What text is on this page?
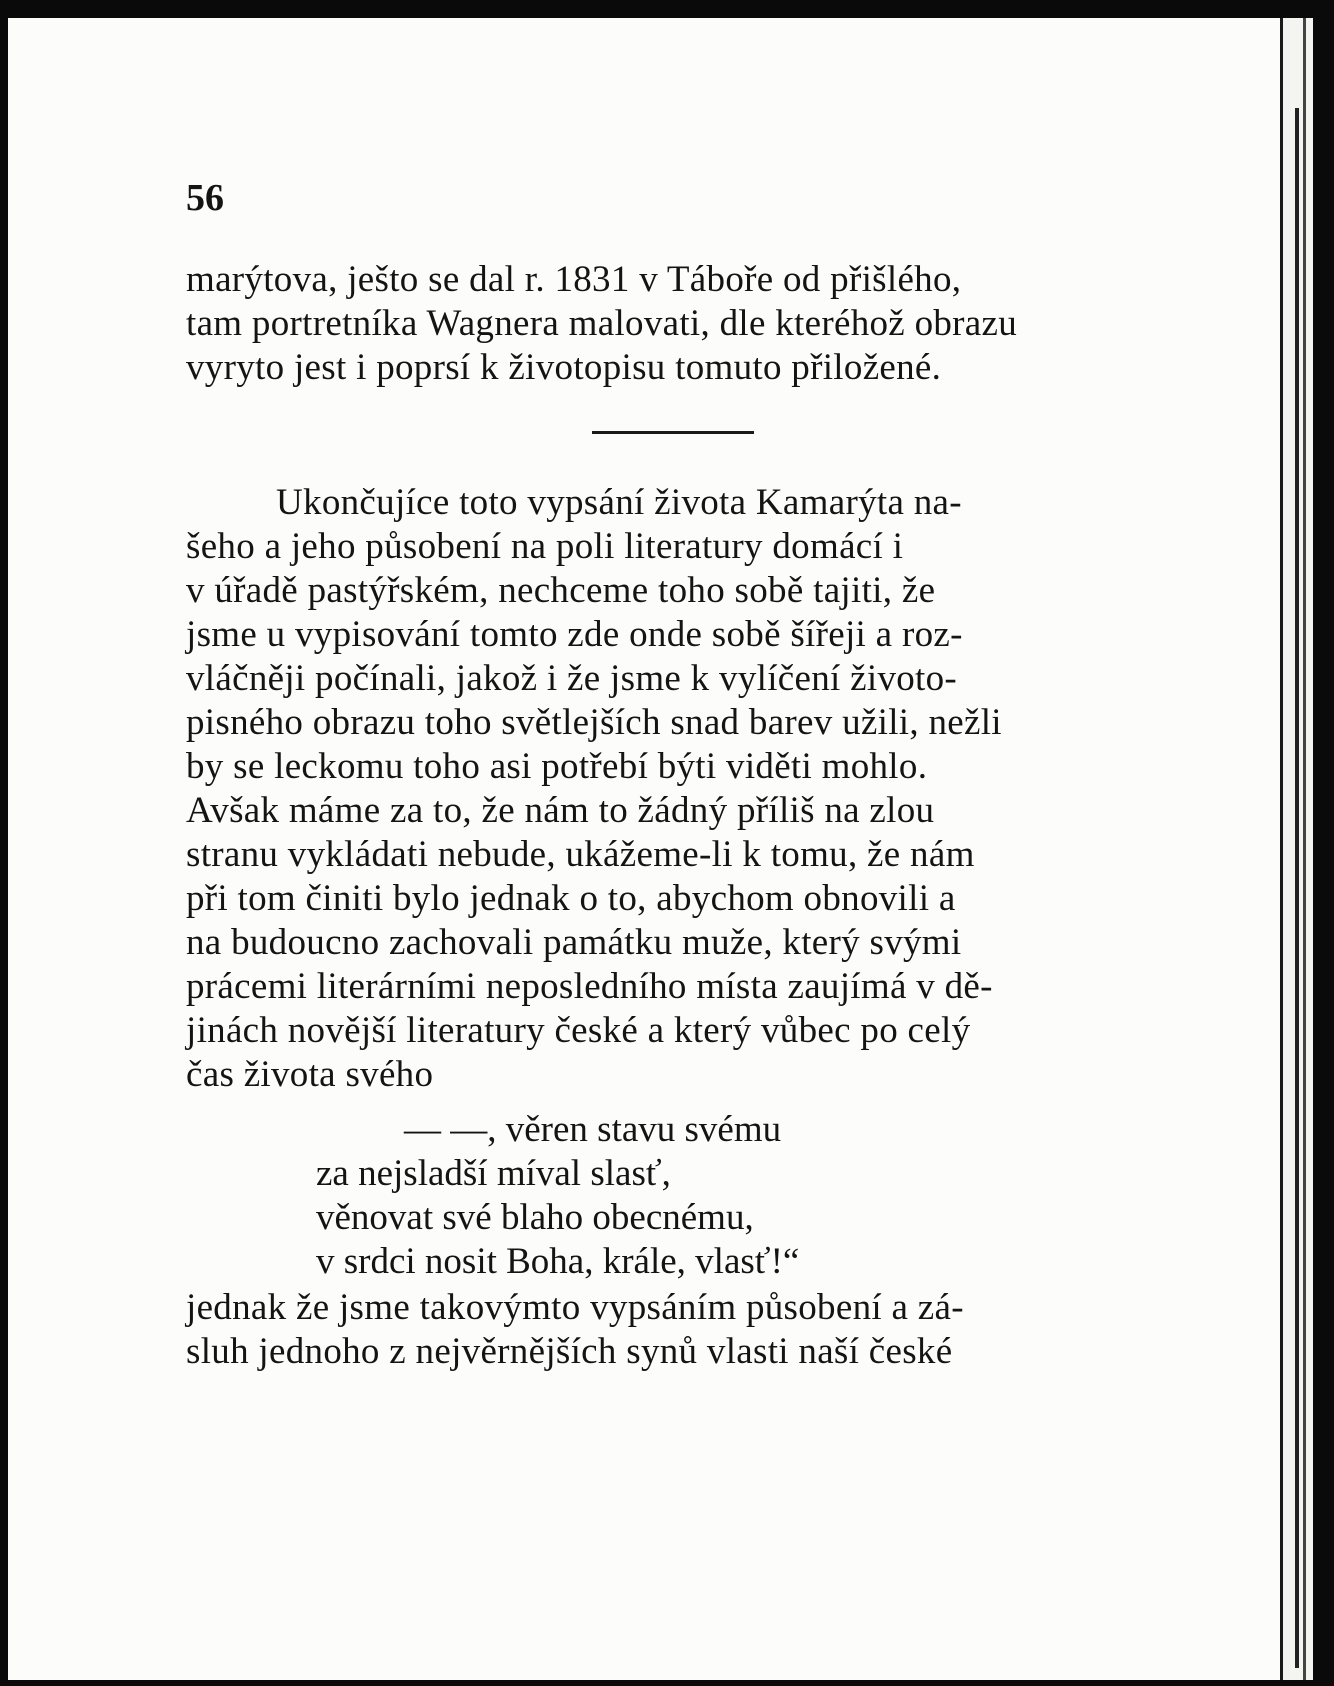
56
marýtova, ješto se dal r. 1831 v Táboře od přišlého,
tam portretníka Wagnera malovati, dle kteréhož obrazu
vyryto jest i poprsí k životopisu tomuto přiložené.
Ukončujíce toto vypsání života Kamarýta na-
šeho a jeho působení na poli literatury domácí i
v úřadě pastýřském, nechceme toho sobě tajiti, že
jsme u vypisování tomto zde onde sobě šířeji a roz-
vláčněji počínali, jakož i že jsme k vylíčení životo-
pisného obrazu toho světlejších snad barev užili, nežli
by se leckomu toho asi potřebí býti viděti mohlo.
Avšak máme za to, že nám to žádný příliš na zlou
stranu vykládati nebude, ukážeme-li k tomu, že nám
při tom činiti bylo jednak o to, abychom obnovili a
na budoucno zachovali památku muže, který svými
prácemi literárními neposledního místa zaujímá v dě-
jinách novější literatury české a který vůbec po celý
čas života svého
— —, věren stavu svému
za nejsladší míval slasť,
věnovat své blaho obecnému,
v srdci nosit Boha, krále, vlasť!“
jednak že jsme takovýmto vypsáním působení a zá-
sluh jednoho z nejvěrnějších synů vlasti naší české
